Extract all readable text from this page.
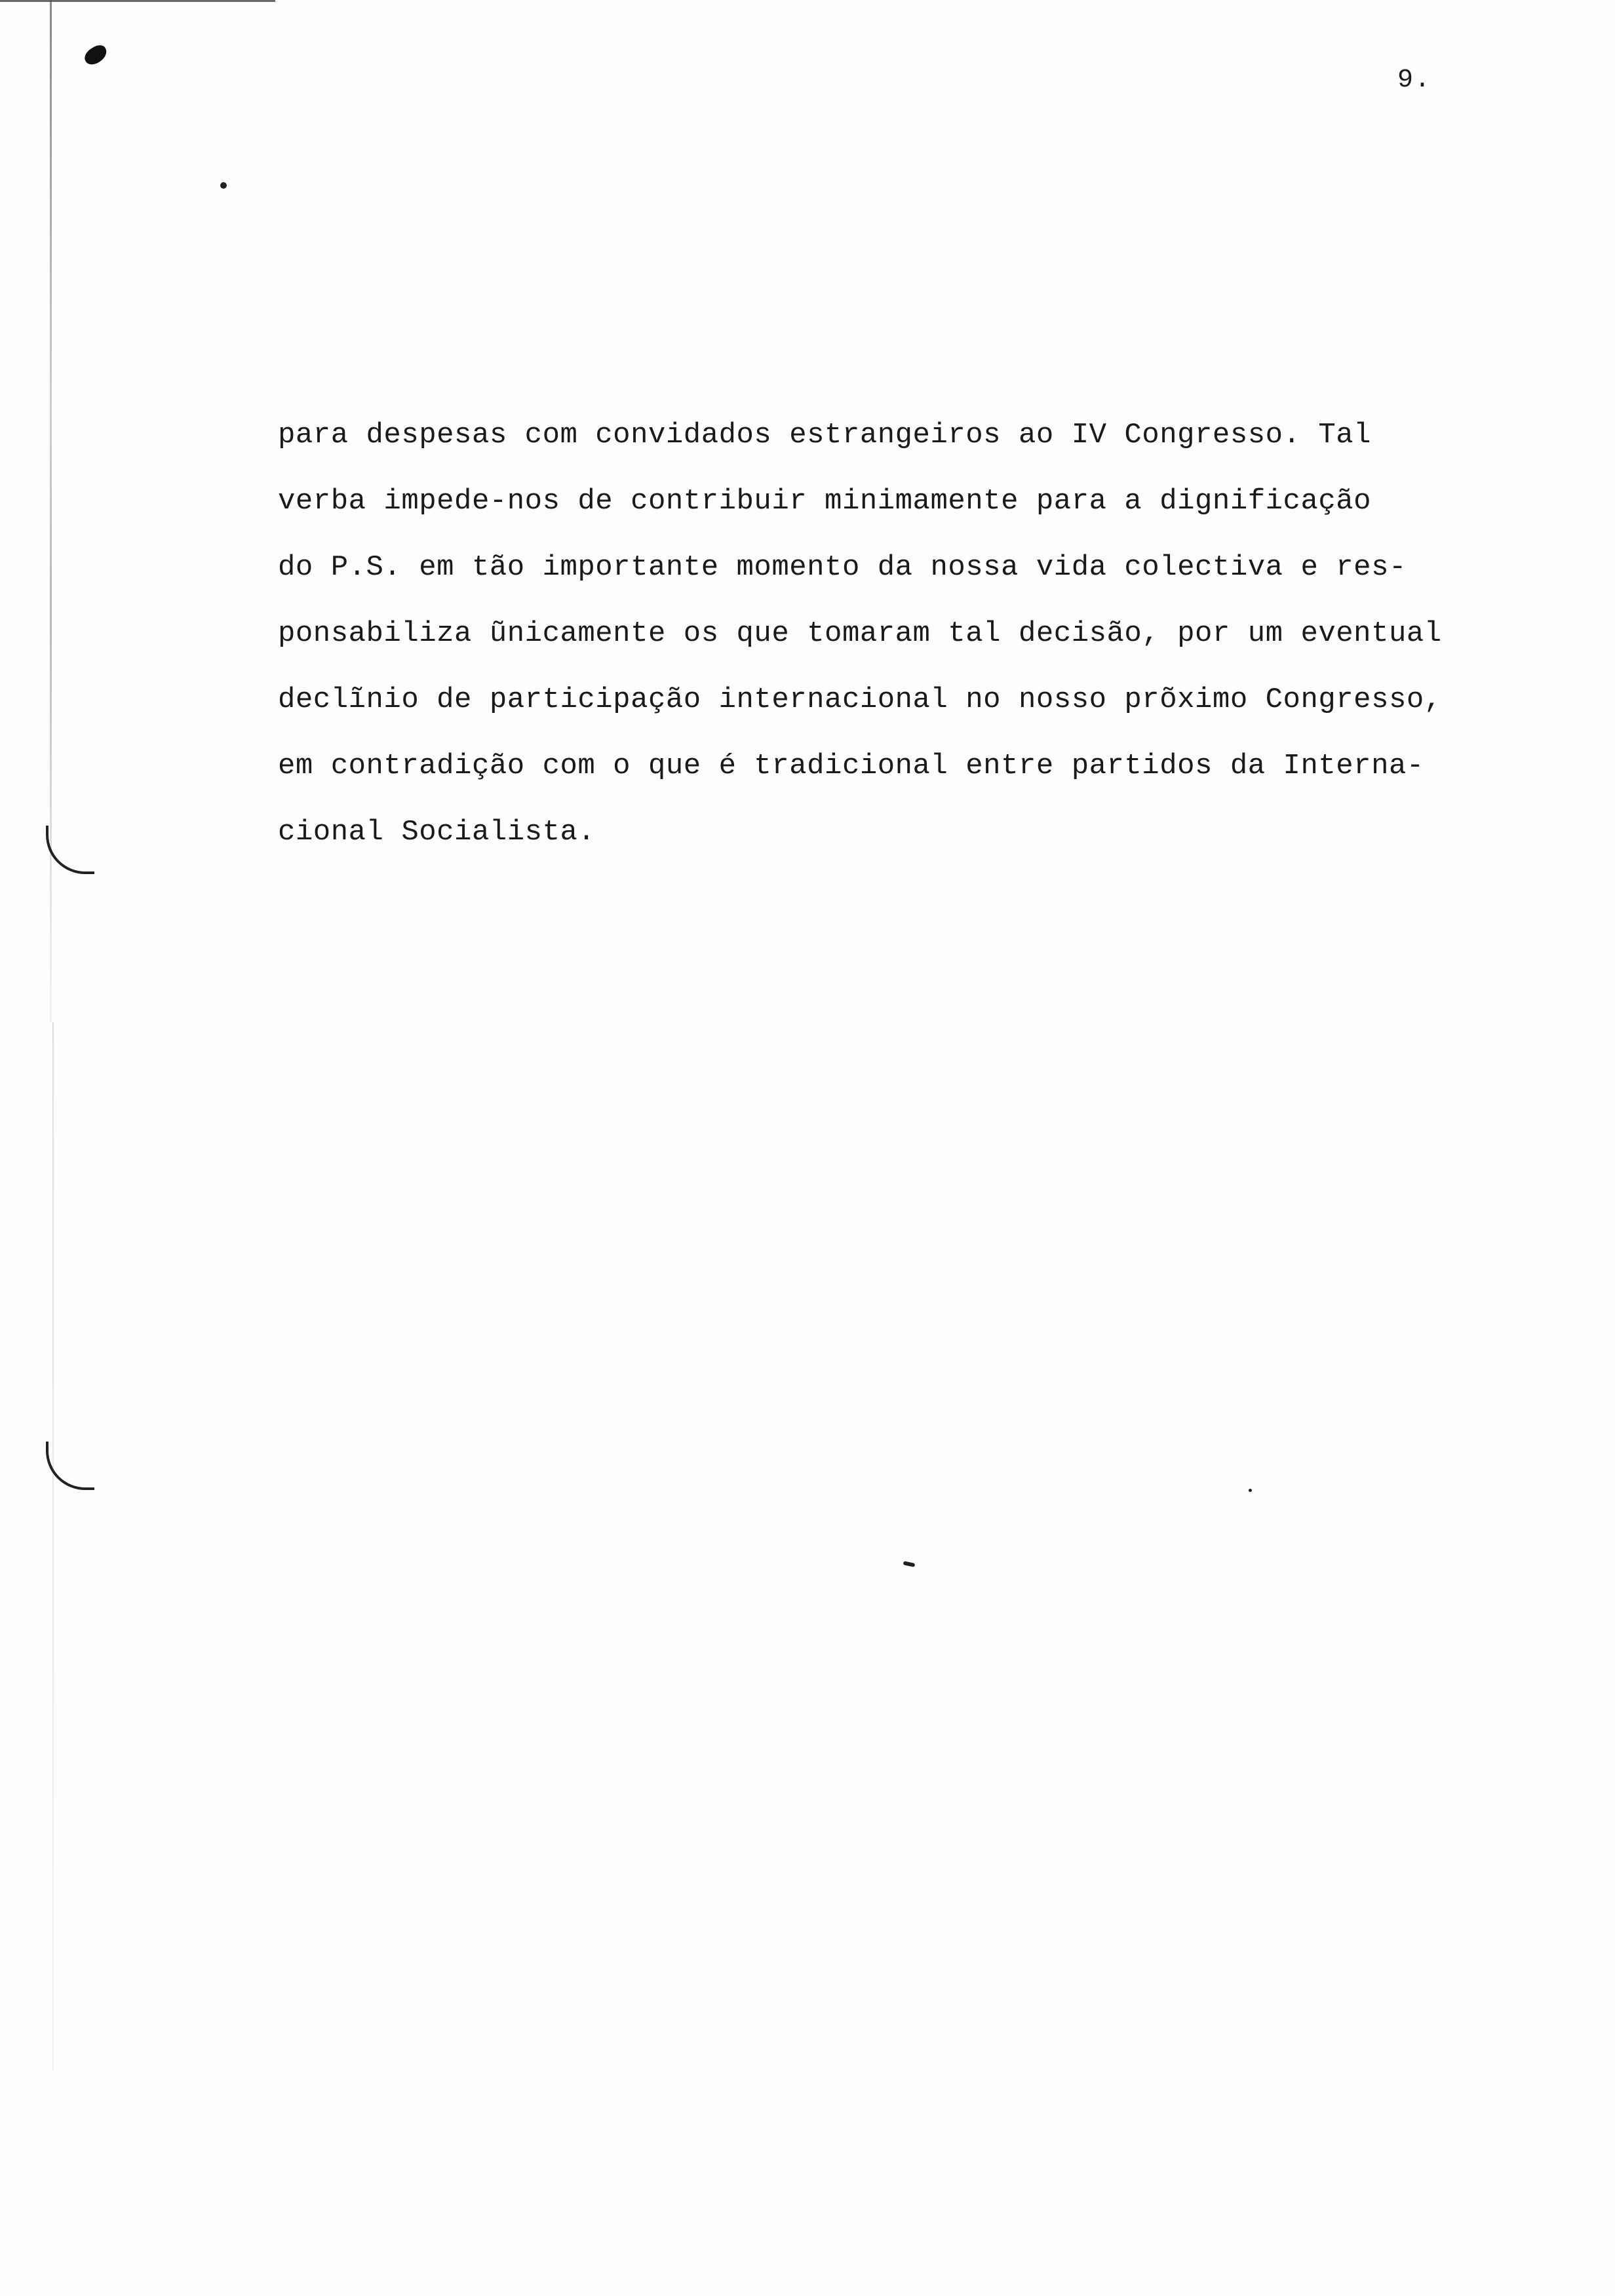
9.
para despesas com convidados estrangeiros ao IV Congresso. Tal
verba impede-nos de contribuir minimamente para a dignificação
do P.S. em tão importante momento da nossa vida colectiva e res-
ponsabiliza ũnicamente os que tomaram tal decisão, por um eventual
declĩnio de participação internacional no nosso prõximo Congresso,
em contradição com o que é tradicional entre partidos da Interna-
cional Socialista.
